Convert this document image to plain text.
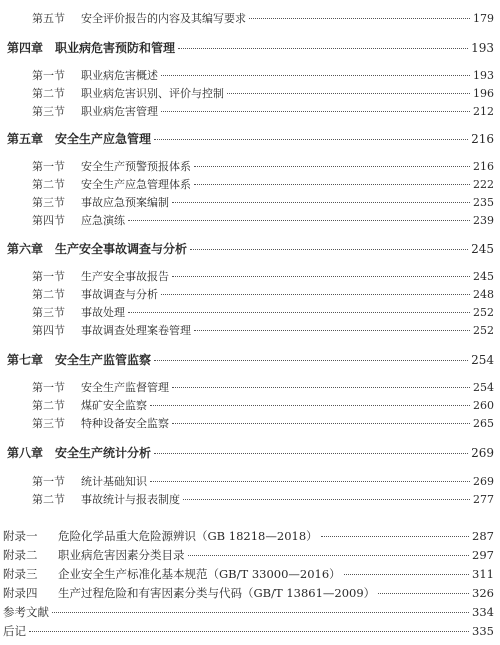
第五节	安全评价报告的内容及其编写要求	179
第四章 职业病危害预防和管理	193
第一节	职业病危害概述	193
第二节	职业病危害识别、评价与控制	196
第三节	职业病危害管理	212
第五章 安全生产应急管理	216
第一节	安全生产预警预报体系	216
第二节	安全生产应急管理体系	222
第三节	事故应急预案编制	235
第四节	应急演练	239
第六章 生产安全事故调查与分析	245
第一节	生产安全事故报告	245
第二节	事故调查与分析	248
第三节	事故处理	252
第四节	事故调查处理案卷管理	252
第七章 安全生产监管监察	254
第一节	安全生产监督管理	254
第二节	煤矿安全监察	260
第三节	特种设备安全监察	265
第八章 安全生产统计分析	269
第一节	统计基础知识	269
第二节	事故统计与报表制度	277
附录一	危险化学品重大危险源辨识（GB 18218—2018）	287
附录二	职业病危害因素分类目录	297
附录三	企业安全生产标准化基本规范（GB/T 33000—2016）	311
附录四	生产过程危险和有害因素分类与代码（GB/T 13861—2009）	326
参考文献	334
后记	335
